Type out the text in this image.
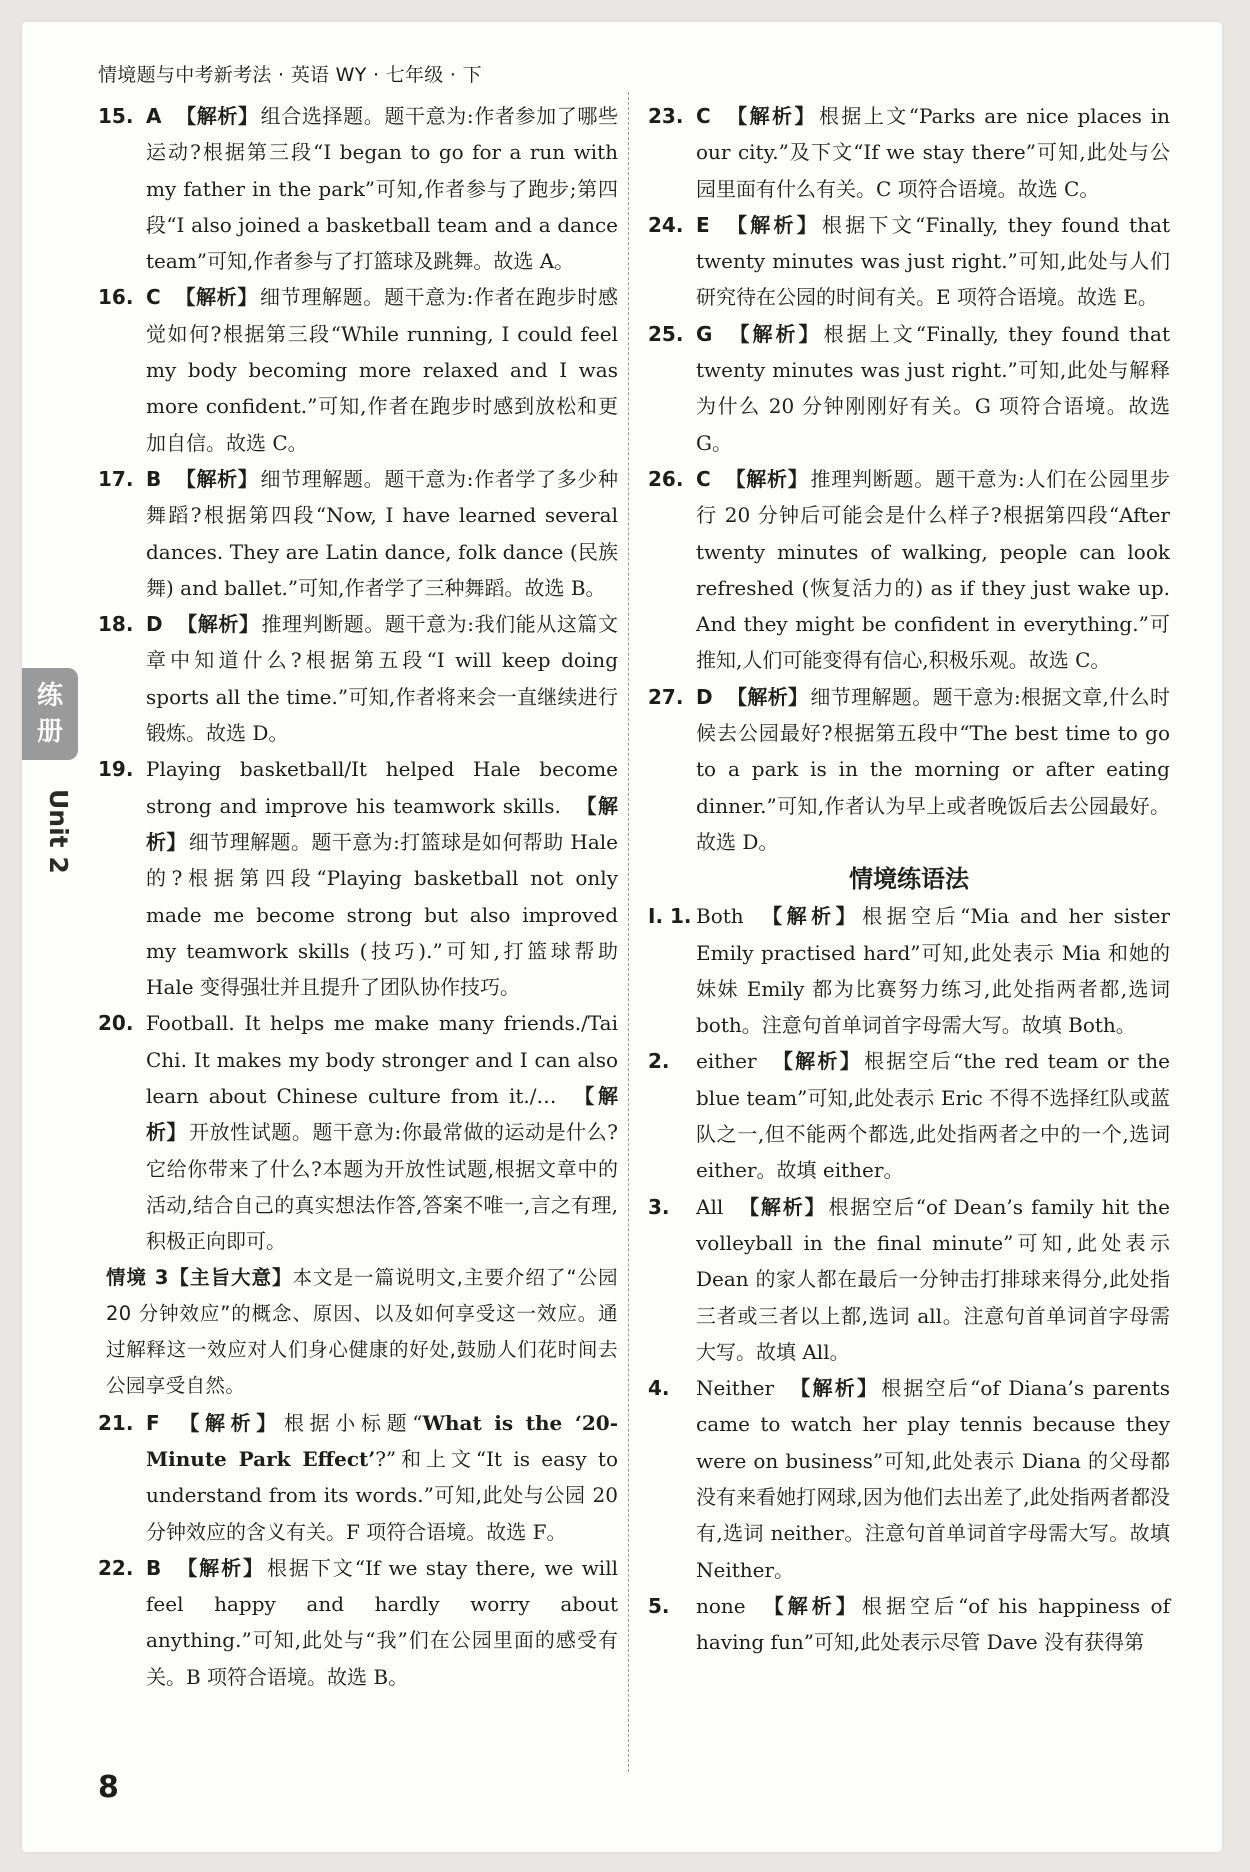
情境题与中考新考法 · 英语 WY · 七年级 · 下
练
册
Unit 2

15. A 【解析】 组合选择题。题干意为:作者参加了哪些运动?根据第三段“I began to go for a run with my father in the park”可知,作者参与了跑步;第四段“I also joined a basketball team and a dance team”可知,作者参与了打篮球及跳舞。故选 A。

16. C 【解析】 细节理解题。题干意为:作者在跑步时感觉如何?根据第三段“While running, I could feel my body becoming more relaxed and I was more confident.”可知,作者在跑步时感到放松和更加自信。故选 C。

17. B 【解析】 细节理解题。题干意为:作者学了多少种舞蹈?根据第四段“Now, I have learned several dances. They are Latin dance, folk dance (民族舞) and ballet.”可知,作者学了三种舞蹈。故选 B。

18. D 【解析】 推理判断题。题干意为:我们能从这篇文章中知道什么?根据第五段“I will keep doing sports all the time.”可知,作者将来会一直继续进行锻炼。故选 D。

19. Playing basketball/It helped Hale become strong and improve his teamwork skills. 【解析】 细节理解题。题干意为:打篮球是如何帮助 Hale 的?根据第四段“Playing basketball not only made me become strong but also improved my teamwork skills (技巧).”可知,打篮球帮助 Hale 变得强壮并且提升了团队协作技巧。

20. Football. It helps me make many friends./Tai Chi. It makes my body stronger and I can also learn about Chinese culture from it./… 【解析】 开放性试题。题干意为:你最常做的运动是什么?它给你带来了什么?本题为开放性试题,根据文章中的活动,结合自己的真实想法作答,答案不唯一,言之有理,积极正向即可。

情境 3【主旨大意】本文是一篇说明文,主要介绍了“公园 20 分钟效应”的概念、原因、以及如何享受这一效应。通过解释这一效应对人们身心健康的好处,鼓励人们花时间去公园享受自然。

21. F 【解析】 根据小标题“What is the ‘20-Minute Park Effect’?”和上文“It is easy to understand from its words.”可知,此处与公园 20 分钟效应的含义有关。F 项符合语境。故选 F。

22. B 【解析】 根据下文“If we stay there, we will feel happy and hardly worry about anything.”可知,此处与“我”们在公园里面的感受有关。B 项符合语境。故选 B。

23. C 【解析】 根据上文“Parks are nice places in our city.”及下文“If we stay there”可知,此处与公园里面有什么有关。C 项符合语境。故选 C。

24. E 【解析】 根据下文“Finally, they found that twenty minutes was just right.”可知,此处与人们研究待在公园的时间有关。E 项符合语境。故选 E。

25. G 【解析】 根据上文“Finally, they found that twenty minutes was just right.”可知,此处与解释为什么 20 分钟刚刚好有关。G 项符合语境。故选 G。

26. C 【解析】 推理判断题。题干意为:人们在公园里步行 20 分钟后可能会是什么样子?根据第四段“After twenty minutes of walking, people can look refreshed (恢复活力的) as if they just wake up. And they might be confident in everything.”可推知,人们可能变得有信心,积极乐观。故选 C。

27. D 【解析】 细节理解题。题干意为:根据文章,什么时候去公园最好?根据第五段中“The best time to go to a park is in the morning or after eating dinner.”可知,作者认为早上或者晚饭后去公园最好。故选 D。

情境练语法

I. 1. Both 【解析】 根据空后“Mia and her sister Emily practised hard”可知,此处表示 Mia 和她的妹妹 Emily 都为比赛努力练习,此处指两者都,选词 both。注意句首单词首字母需大写。故填 Both。

2. either 【解析】 根据空后“the red team or the blue team”可知,此处表示 Eric 不得不选择红队或蓝队之一,但不能两个都选,此处指两者之中的一个,选词 either。故填 either。

3. All 【解析】 根据空后“of Dean’s family hit the volleyball in the final minute”可知,此处表示 Dean 的家人都在最后一分钟击打排球来得分,此处指三者或三者以上都,选词 all。注意句首单词首字母需大写。故填 All。

4. Neither 【解析】 根据空后“of Diana’s parents came to watch her play tennis because they were on business”可知,此处表示 Diana 的父母都没有来看她打网球,因为他们去出差了,此处指两者都没有,选词 neither。注意句首单词首字母需大写。故填 Neither。

5. none 【解析】 根据空后“of his happiness of having fun”可知,此处表示尽管 Dave 没有获得第

8
